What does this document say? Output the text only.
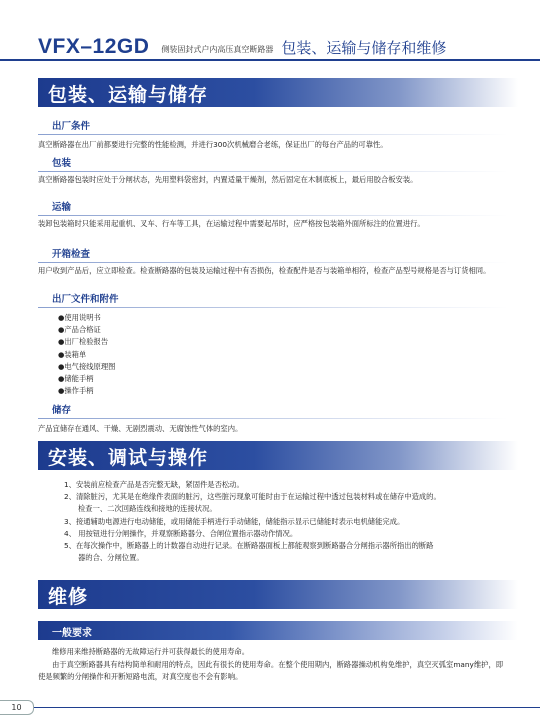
VFX–12GD 侧装固封式户内高压真空断路器 包装、运输与储存和维修
包装、运输与储存
出厂条件

真空断路器在出厂前都要进行完整的性能检测，并进行300次机械磨合老练，保证出厂的每台产品的可靠性。

包装

真空断路器包装时应处于分闸状态，先用塑料袋密封，内置适量干燥剂，然后固定在木制底板上，最后用胶合板安装。

运输

装卸包装箱时只能采用起重机、叉车、行车等工具，在运输过程中需要起吊时，应严格按包装箱外面所标注的位置进行。

开箱检查

用户收到产品后，应立即检查。检查断路器的包装及运输过程中有否损伤，检查配件是否与装箱单相符，检查产品型号规格是否与订货相同。

出厂文件和附件
●使用说明书
●产品合格证
●出厂检验报告
●装箱单
●电气接线原理图
●储能手柄
●操作手柄
储存

产品宜储存在通风、干燥、无剧烈震动、无腐蚀性气体的室内。

安装、调试与操作
1、安装前应检查产品是否完整无缺，紧固件是否松动。
2、清除脏污，尤其是在绝缘件表面的脏污，这些脏污现象可能时由于在运输过程中透过包装材料或在储存中造成的。
检查一、二次回路连线和接地的连接状况。
3、接通辅助电源进行电动储能，或用储能手柄进行手动储能，储能指示显示已储能时表示电机储能完成。
4、 用按钮进行分闸操作，并观察断路器分、合闸位置指示器动作情况。
5、在每次操作中，断路器上的计数器自动进行记录。在断路器面板上都能观察到断路器合分闸指示器所指出的断路
器的合、分闸位置。
维修
一般要求

维修用来维持断路器的无故障运行并可获得最长的使用寿命。

由于真空断路器具有结构简单和耐用的特点，因此有很长的使用寿命。在整个使用期内，断路器操动机构免维护，真空灭弧室many维护，即使是频繁的分闸操作和开断短路电流，对真空度也不会有影响。

10
